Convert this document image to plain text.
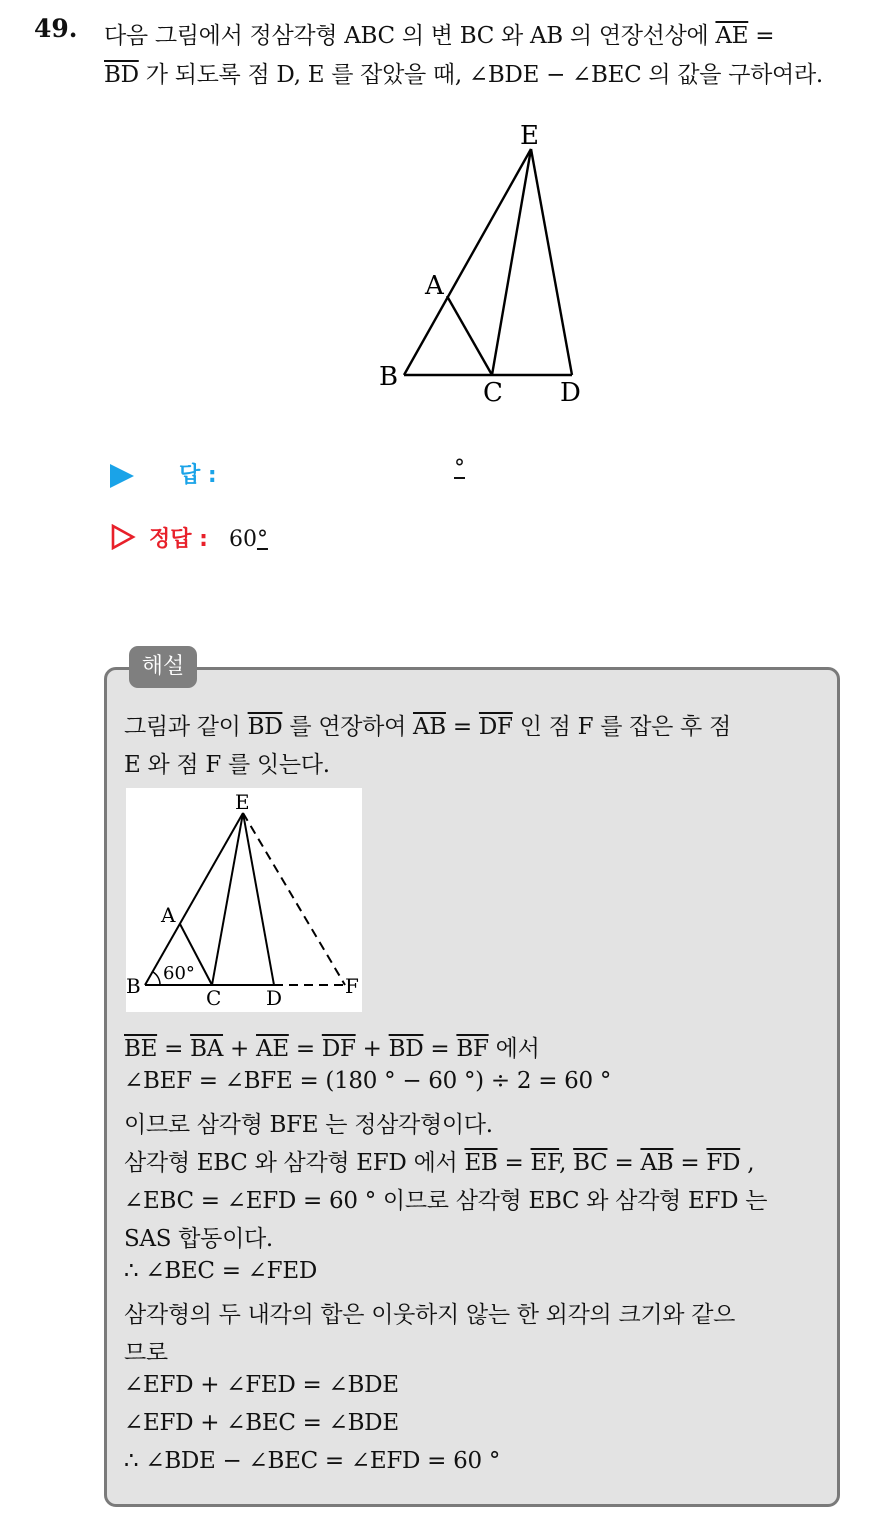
49. 다음 그림에서 정삼각형 ABC 의 변 BC 와 AB 의 연장선상에 $\overline{AE}$ =
$\overline{BD}$ 가 되도록 점 D, E 를 잡았을 때, ∠BDE − ∠BEC 의 값을 구하여라.
E
A
B
C D
답 :	°
정답 : 60°
해설
그림과 같이 $\overline{BD}$ 를 연장하여 $\overline{AB} = \overline{DF}$ 인 점 F 를 잡은 후 점
E 와 점 F 를 잇는다.
E
A
B	C D	F
60°
$\overline{BE} = \overline{BA} + \overline{AE} = \overline{DF} + \overline{BD} = \overline{BF}$ 에서
∠BEF = ∠BFE = (180 ° − 60 °) ÷ 2 = 60 °
이므로 삼각형 BFE 는 정삼각형이다.
삼각형 EBC 와 삼각형 EFD 에서 $\overline{EB} = \overline{EF}$, $\overline{BC} = \overline{AB} = \overline{FD}$ ,
∠EBC = ∠EFD = 60 ° 이므로 삼각형 EBC 와 삼각형 EFD 는
SAS 합동이다.
∴ ∠BEC = ∠FED
삼각형의 두 내각의 합은 이웃하지 않는 한 외각의 크기와 같으
므로
∠EFD + ∠FED = ∠BDE
∠EFD + ∠BEC = ∠BDE
∴ ∠BDE − ∠BEC = ∠EFD = 60 °
